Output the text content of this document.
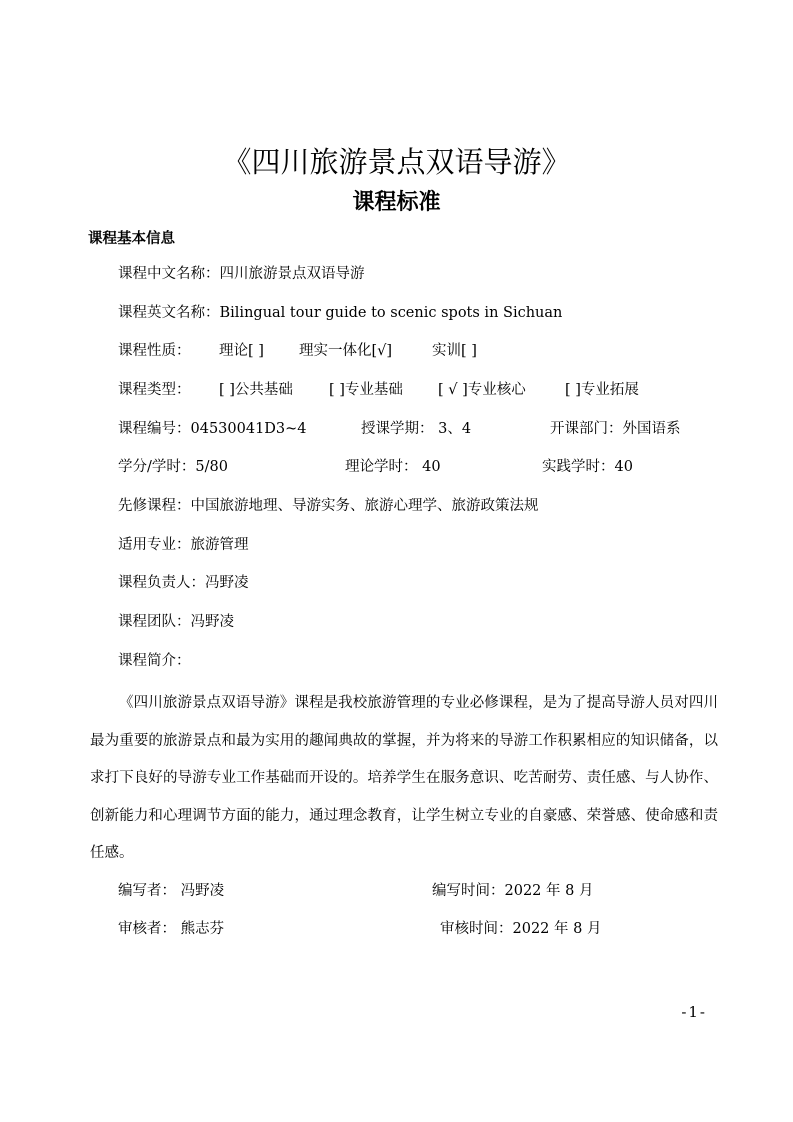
《四川旅游景点双语导游》
课程标准
课程基本信息
课程中文名称：四川旅游景点双语导游
课程英文名称：Bilingual tour guide to scenic spots in Sichuan
课程性质： 理论[ ] 理实一体化[√]	实训[ ]
课程类型： [ ]公共基础 [ ]专业基础 [ √ ]专业核心	[ ]专业拓展
课程编号：04530041D3~4	授课学期： 3、4	开课部门：外国语系
学分/学时：5/80	理论学时： 40	实践学时：40
先修课程：中国旅游地理、导游实务、旅游心理学、旅游政策法规
适用专业：旅游管理
课程负责人：冯野凌
课程团队：冯野凌
课程简介：
《四川旅游景点双语导游》课程是我校旅游管理的专业必修课程，是为了提高导游人员对四川最为重要的旅游景点和最为实用的趣闻典故的掌握，并为将来的导游工作积累相应的知识储备，以求打下良好的导游专业工作基础而开设的。培养学生在服务意识、吃苦耐劳、责任感、与人协作、创新能力和心理调节方面的能力，通过理念教育，让学生树立专业的自豪感、荣誉感、使命感和责任感。
编写者： 冯野凌	编写时间：2022 年 8 月
审核者： 熊志芬	审核时间：2022 年 8 月
-1-
